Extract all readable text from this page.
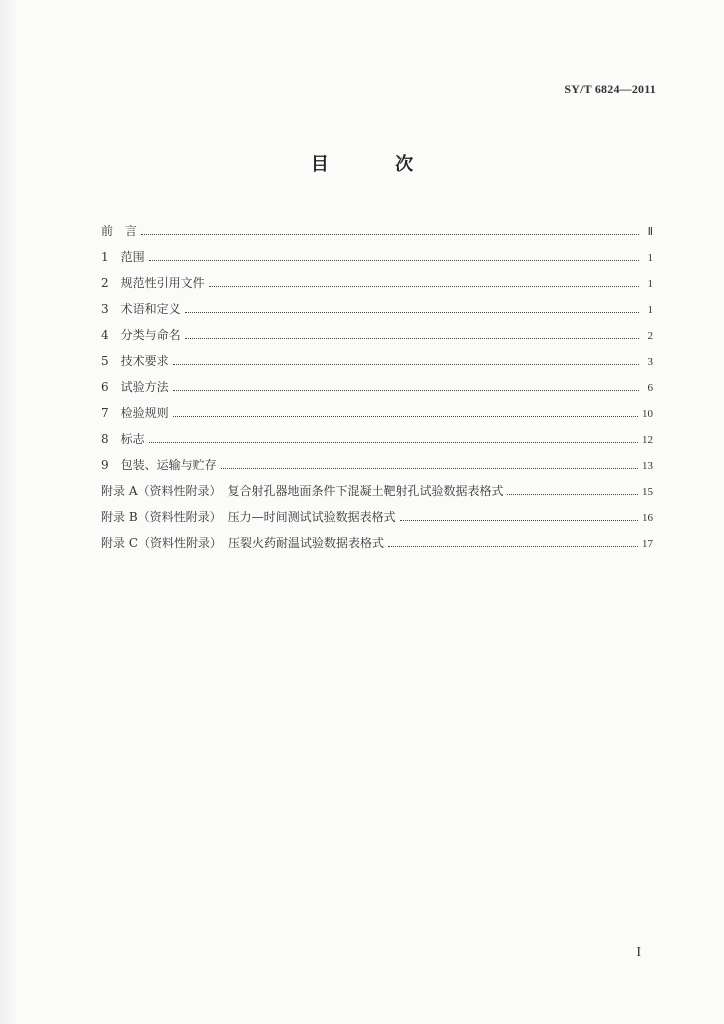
SY/T 6824—2011
目 次
前　言	Ⅱ
1　范围	1
2　规范性引用文件	1
3　术语和定义	1
4　分类与命名	2
5　技术要求	3
6　试验方法	6
7　检验规则	10
8　标志	12
9　包装、运输与贮存	13
附录 A（资料性附录）　复合射孔器地面条件下混凝土靶射孔试验数据表格式	15
附录 B（资料性附录）　压力—时间测试试验数据表格式	16
附录 C（资料性附录）　压裂火药耐温试验数据表格式	17
I
